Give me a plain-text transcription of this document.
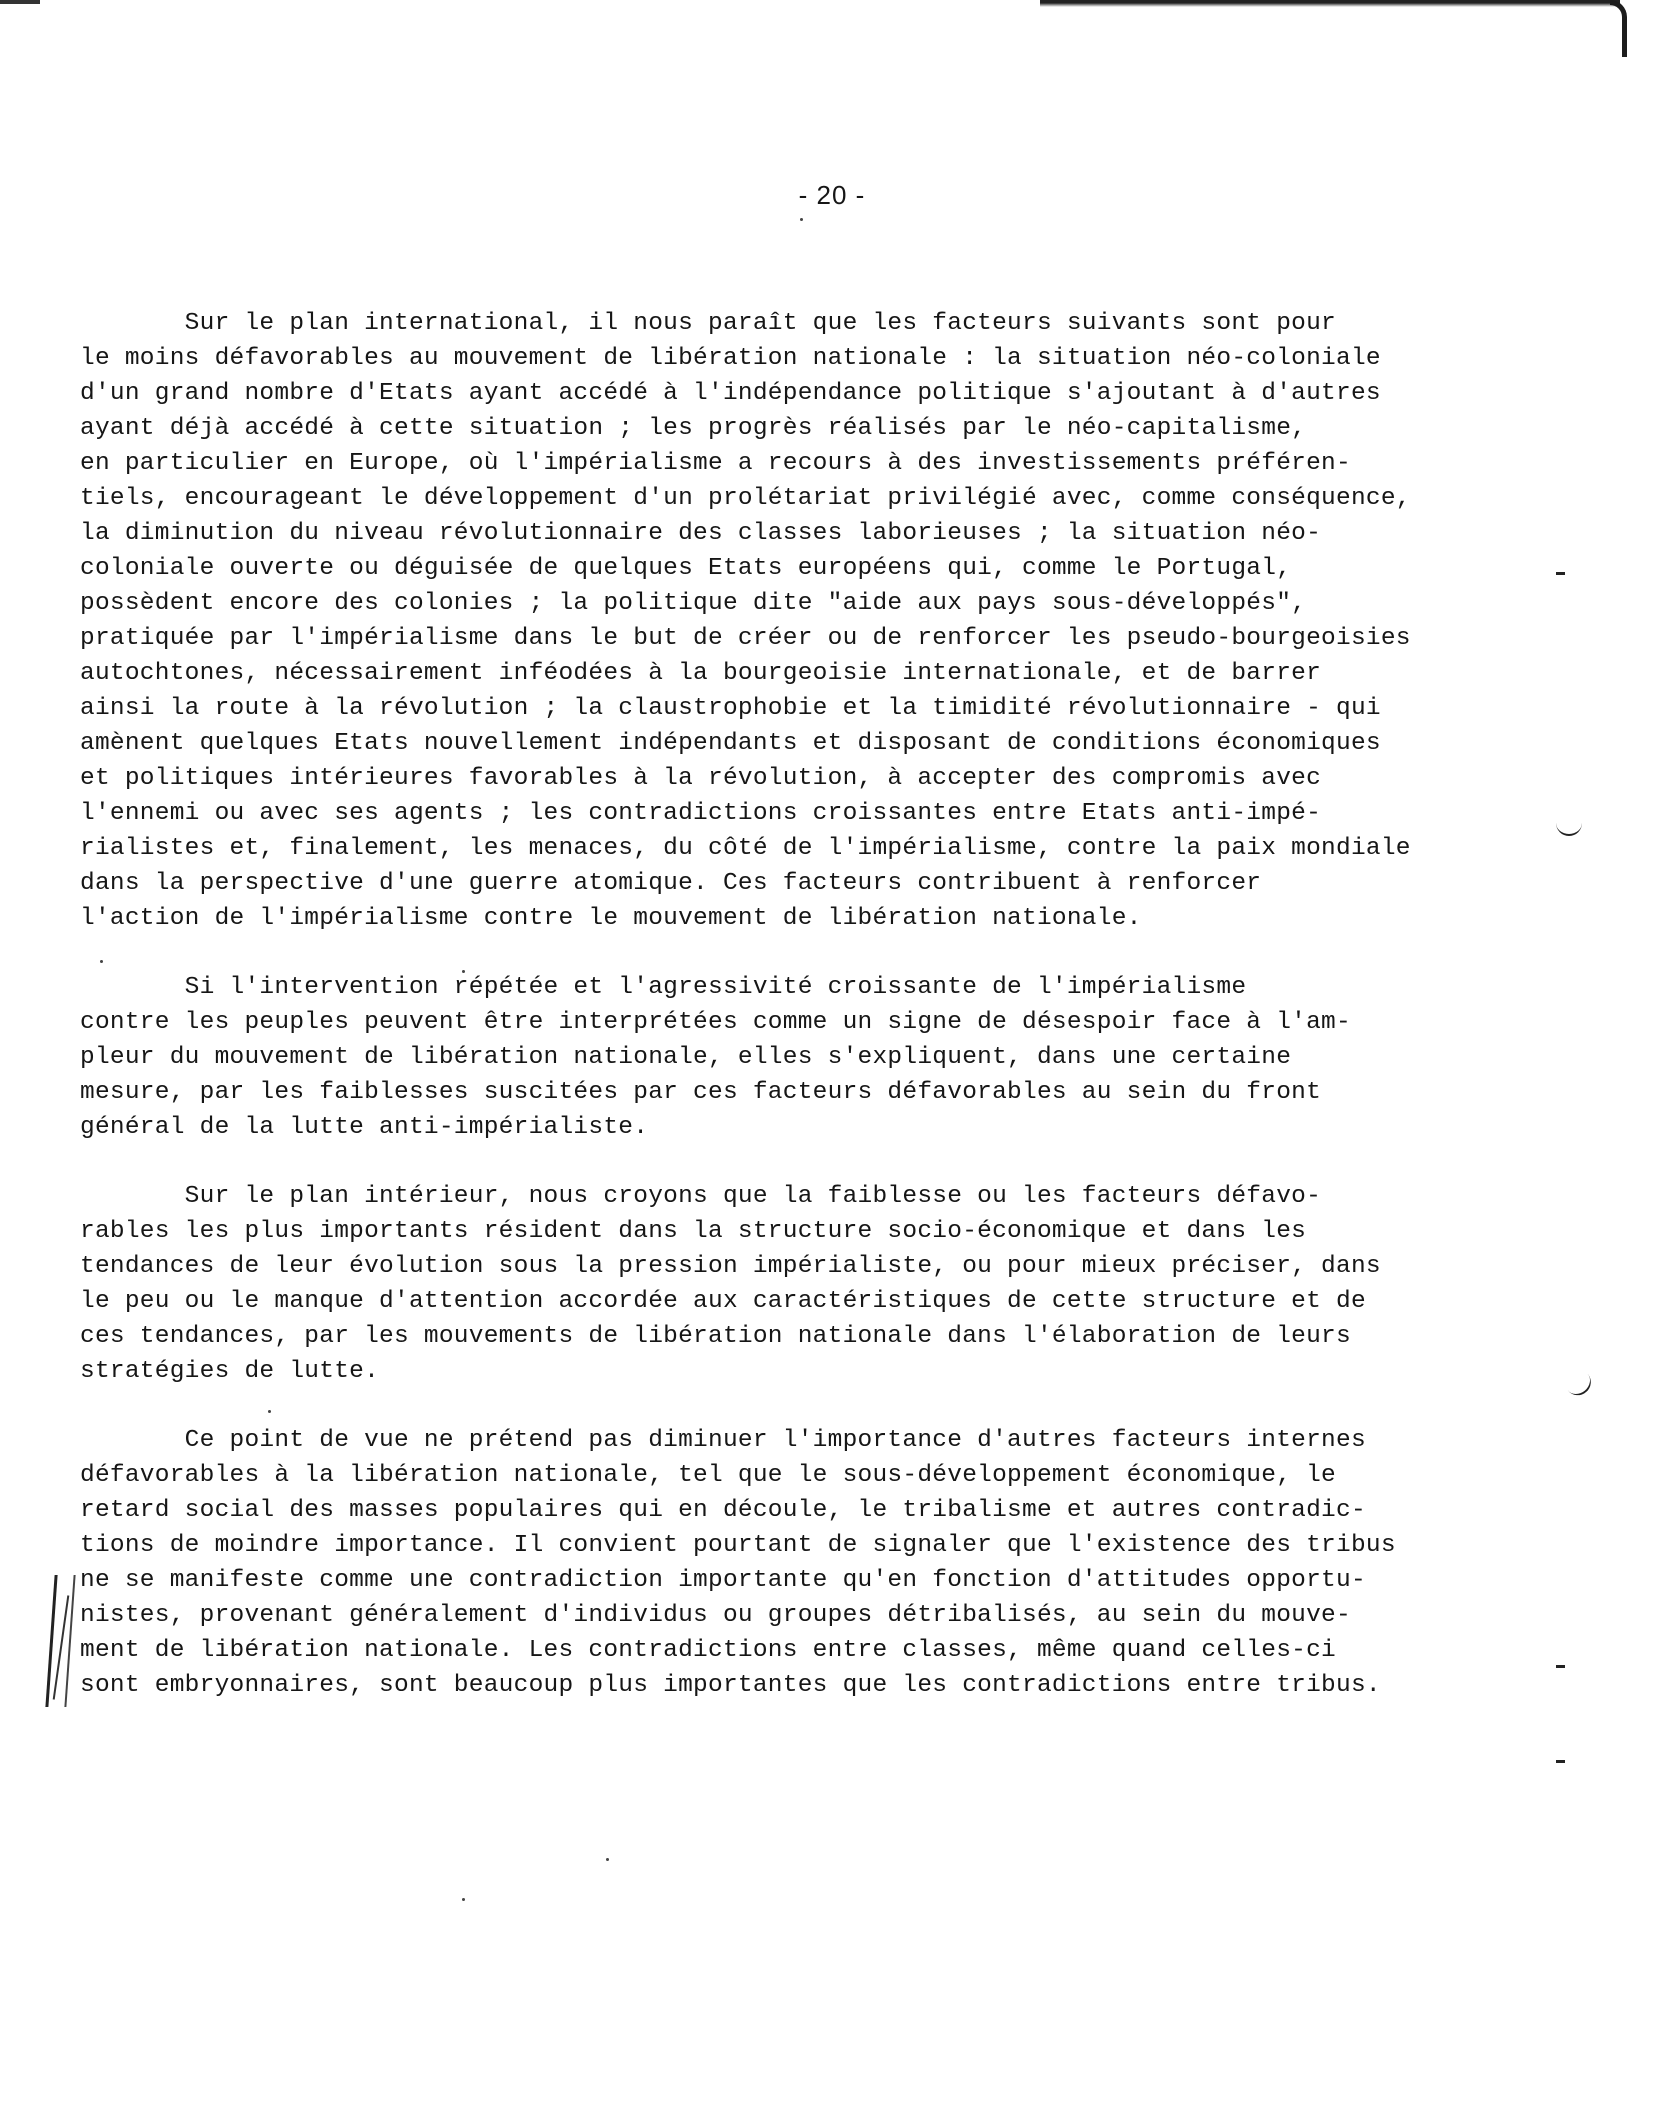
- 20 -
Sur le plan international, il nous paraît que les facteurs suivants sont pour
le moins défavorables au mouvement de libération nationale : la situation néo-coloniale
d'un grand nombre d'Etats ayant accédé à l'indépendance politique s'ajoutant à d'autres
ayant déjà accédé à cette situation ; les progrès réalisés par le néo-capitalisme,
en particulier en Europe, où l'impérialisme a recours à des investissements préféren-
tiels, encourageant le développement d'un prolétariat privilégié avec, comme conséquence,
la diminution du niveau révolutionnaire des classes laborieuses ; la situation néo-
coloniale ouverte ou déguisée de quelques Etats européens qui, comme le Portugal,
possèdent encore des colonies ; la politique dite "aide aux pays sous-développés",
pratiquée par l'impérialisme dans le but de créer ou de renforcer les pseudo-bourgeoisies
autochtones, nécessairement inféodées à la bourgeoisie internationale, et de barrer
ainsi la route à la révolution ; la claustrophobie et la timidité révolutionnaire - qui
amènent quelques Etats nouvellement indépendants et disposant de conditions économiques
et politiques intérieures favorables à la révolution, à accepter des compromis avec
l'ennemi ou avec ses agents ; les contradictions croissantes entre Etats anti-impé-
rialistes et, finalement, les menaces, du côté de l'impérialisme, contre la paix mondiale
dans la perspective d'une guerre atomique. Ces facteurs contribuent à renforcer
l'action de l'impérialisme contre le mouvement de libération nationale.
Si l'intervention répétée et l'agressivité croissante de l'impérialisme
contre les peuples peuvent être interprétées comme un signe de désespoir face à l'am-
pleur du mouvement de libération nationale, elles s'expliquent, dans une certaine
mesure, par les faiblesses suscitées par ces facteurs défavorables au sein du front
général de la lutte anti-impérialiste.
Sur le plan intérieur, nous croyons que la faiblesse ou les facteurs défavo-
rables les plus importants résident dans la structure socio-économique et dans les
tendances de leur évolution sous la pression impérialiste, ou pour mieux préciser, dans
le peu ou le manque d'attention accordée aux caractéristiques de cette structure et de
ces tendances, par les mouvements de libération nationale dans l'élaboration de leurs
stratégies de lutte.
Ce point de vue ne prétend pas diminuer l'importance d'autres facteurs internes
défavorables à la libération nationale, tel que le sous-développement économique, le
retard social des masses populaires qui en découle, le tribalisme et autres contradic-
tions de moindre importance. Il convient pourtant de signaler que l'existence des tribus
ne se manifeste comme une contradiction importante qu'en fonction d'attitudes opportu-
nistes, provenant généralement d'individus ou groupes détribalisés, au sein du mouve-
ment de libération nationale. Les contradictions entre classes, même quand celles-ci
sont embryonnaires, sont beaucoup plus importantes que les contradictions entre tribus.
